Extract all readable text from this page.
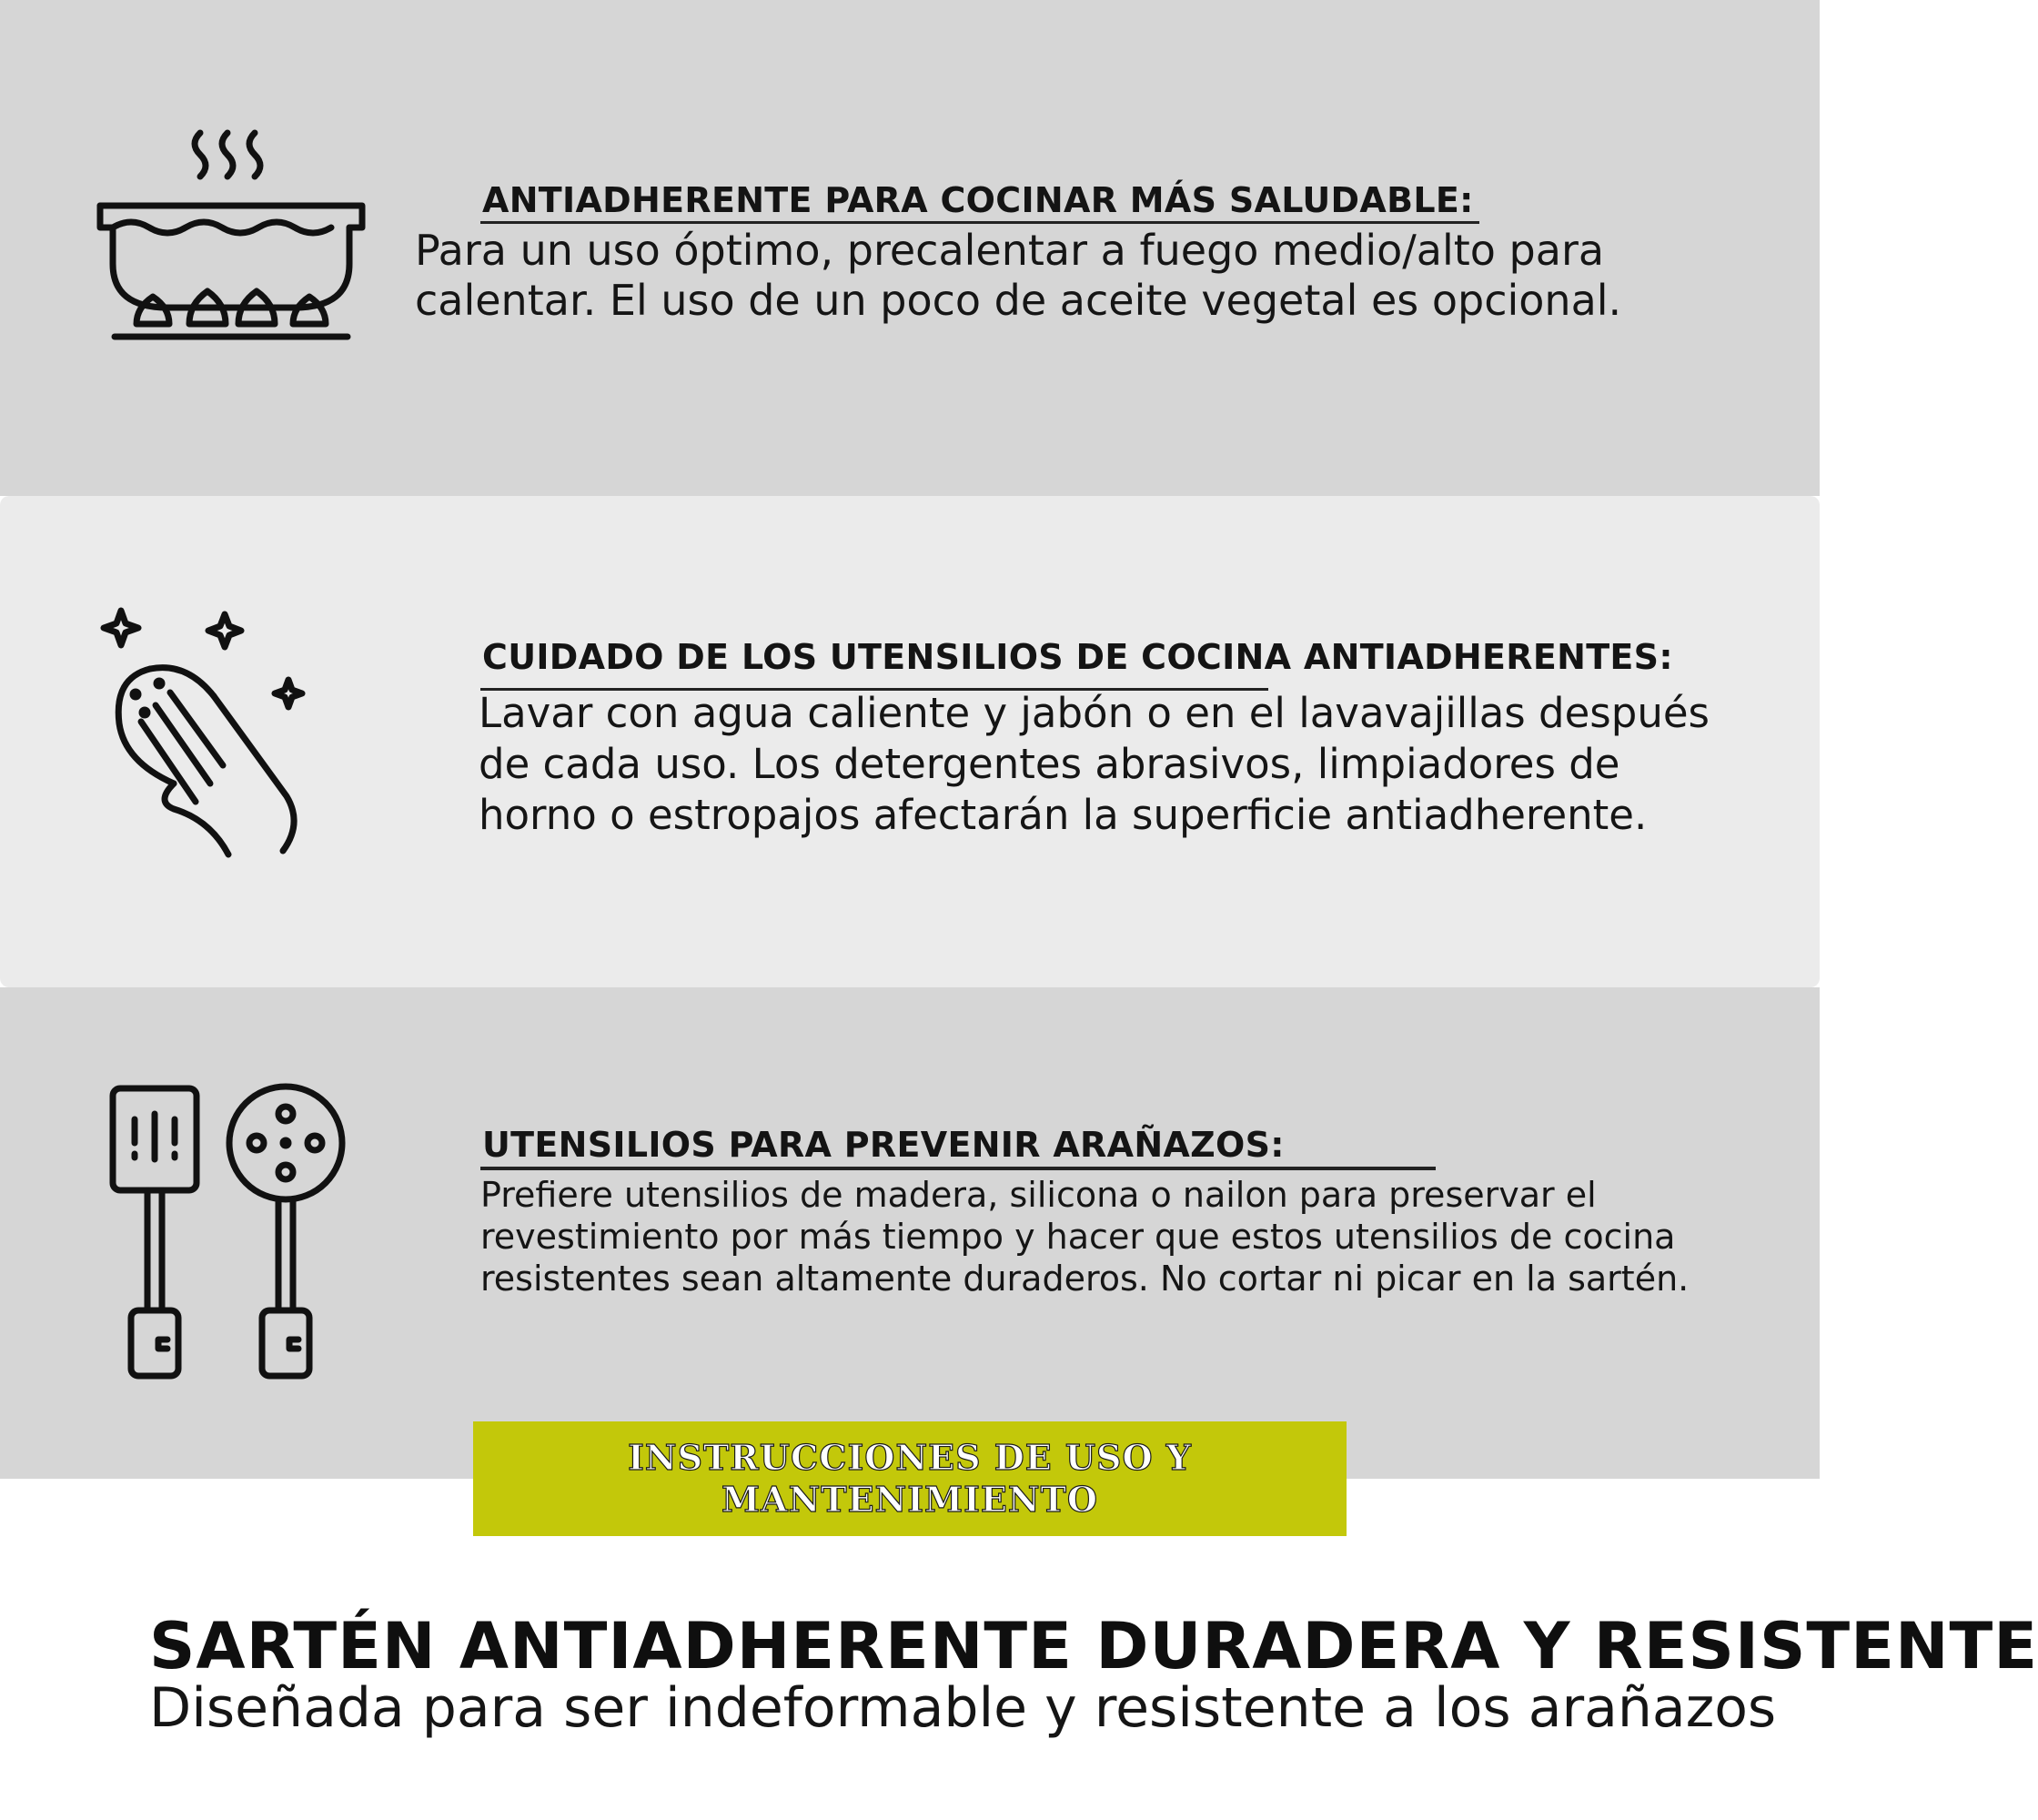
ANTIADHERENTE PARA COCINAR MÁS SALUDABLE:
Para un uso óptimo, precalentar a fuego medio/alto para
calentar. El uso de un poco de aceite vegetal es opcional.
CUIDADO DE LOS UTENSILIOS DE COCINA ANTIADHERENTES:
Lavar con agua caliente y jabón o en el lavavajillas después
de cada uso. Los detergentes abrasivos, limpiadores de
horno o estropajos afectarán la superficie antiadherente.
UTENSILIOS PARA PREVENIR ARAÑAZOS:
Prefiere utensilios de madera, silicona o nailon para preservar el
revestimiento por más tiempo y hacer que estos utensilios de cocina
resistentes sean altamente duraderos. No cortar ni picar en la sartén.
INSTRUCCIONES DE USO Y
MANTENIMIENTO
SARTÉN ANTIADHERENTE DURADERA Y RESISTENTE
Diseñada para ser indeformable y resistente a los arañazos
